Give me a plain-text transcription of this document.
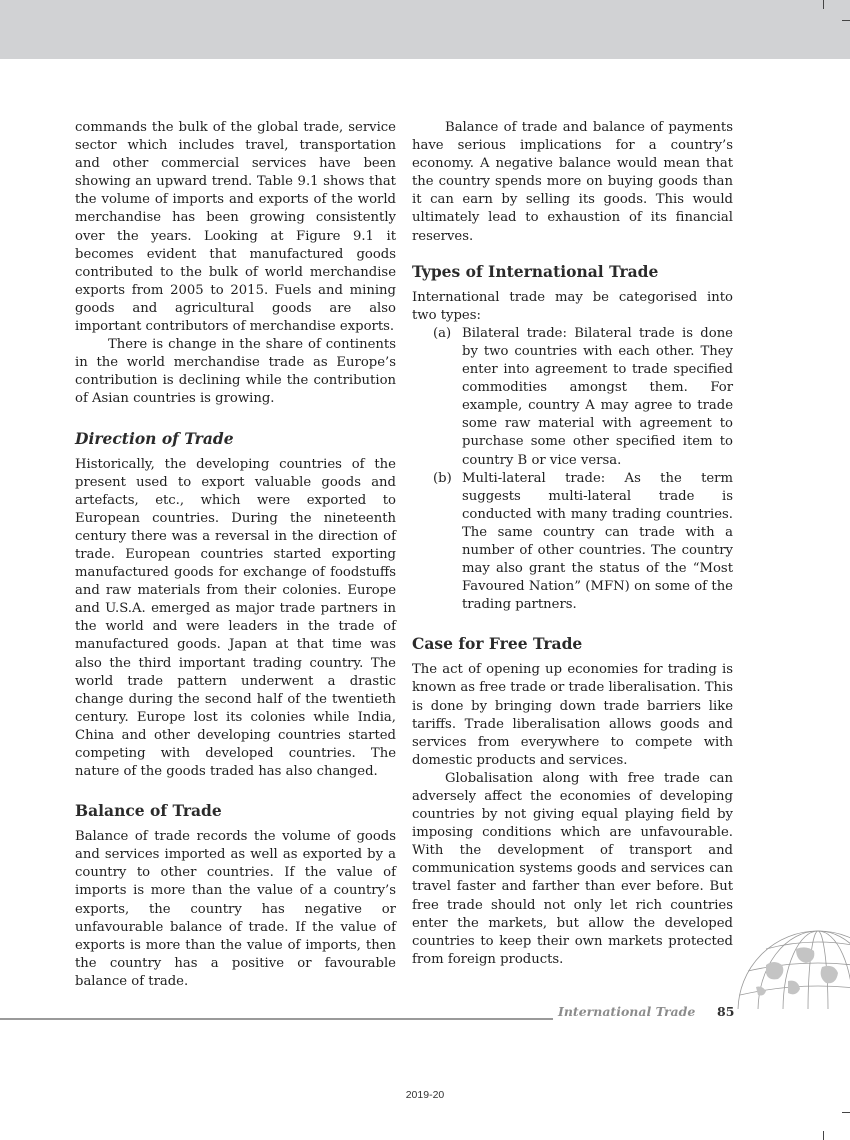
commands the bulk of the global trade, service sector which includes travel, transportation and other commercial services have been showing an upward trend. Table 9.1 shows that the volume of imports and exports of the world merchandise has been growing consistently over the years. Looking at Figure 9.1 it becomes evident that manufactured goods contributed to the bulk of world merchandise exports from 2005 to 2015. Fuels and mining goods and agricultural goods are also important contributors of merchandise exports.

There is change in the share of continents in the world merchandise trade as Europe’s contribution is declining while the contribution of Asian countries is growing.

Direction of Trade

Historically, the developing countries of the present used to export valuable goods and artefacts, etc., which were exported to European countries. During the nineteenth century there was a reversal in the direction of trade. European countries started exporting manufactured goods for exchange of foodstuffs and raw materials from their colonies. Europe and U.S.A. emerged as major trade partners in the world and were leaders in the trade of manufactured goods. Japan at that time was also the third important trading country. The world trade pattern underwent a drastic change during the second half of the twentieth century. Europe lost its colonies while India, China and other developing countries started competing with developed countries. The nature of the goods traded has also changed.

Balance of Trade

Balance of trade records the volume of goods and services imported as well as exported by a country to other countries. If the value of imports is more than the value of a country’s exports, the country has negative or unfavourable balance of trade. If the value of exports is more than the value of imports, then the country has a positive or favourable balance of trade.

Balance of trade and balance of payments have serious implications for a country’s economy. A negative balance would mean that the country spends more on buying goods than it can earn by selling its goods. This would ultimately lead to exhaustion of its financial reserves.

Types of International Trade

International trade may be categorised into two types:

(a) Bilateral trade: Bilateral trade is done by two countries with each other. They enter into agreement to trade specified commodities amongst them. For example, country A may agree to trade some raw material with agreement to purchase some other specified item to country B or vice versa.
(b) Multi-lateral trade: As the term suggests multi-lateral trade is conducted with many trading countries. The same country can trade with a number of other countries. The country may also grant the status of the “Most Favoured Nation” (MFN) on some of the trading partners.
Case for Free Trade

The act of opening up economies for trading is known as free trade or trade liberalisation. This is done by bringing down trade barriers like tariffs. Trade liberalisation allows goods and services from everywhere to compete with domestic products and services.

Globalisation along with free trade can adversely affect the economies of developing countries by not giving equal playing field by imposing conditions which are unfavourable. With the development of transport and communication systems goods and services can travel faster and farther than ever before. But free trade should not only let rich countries enter the markets, but allow the developed countries to keep their own markets protected from foreign products.

International Trade 85
2019-20
